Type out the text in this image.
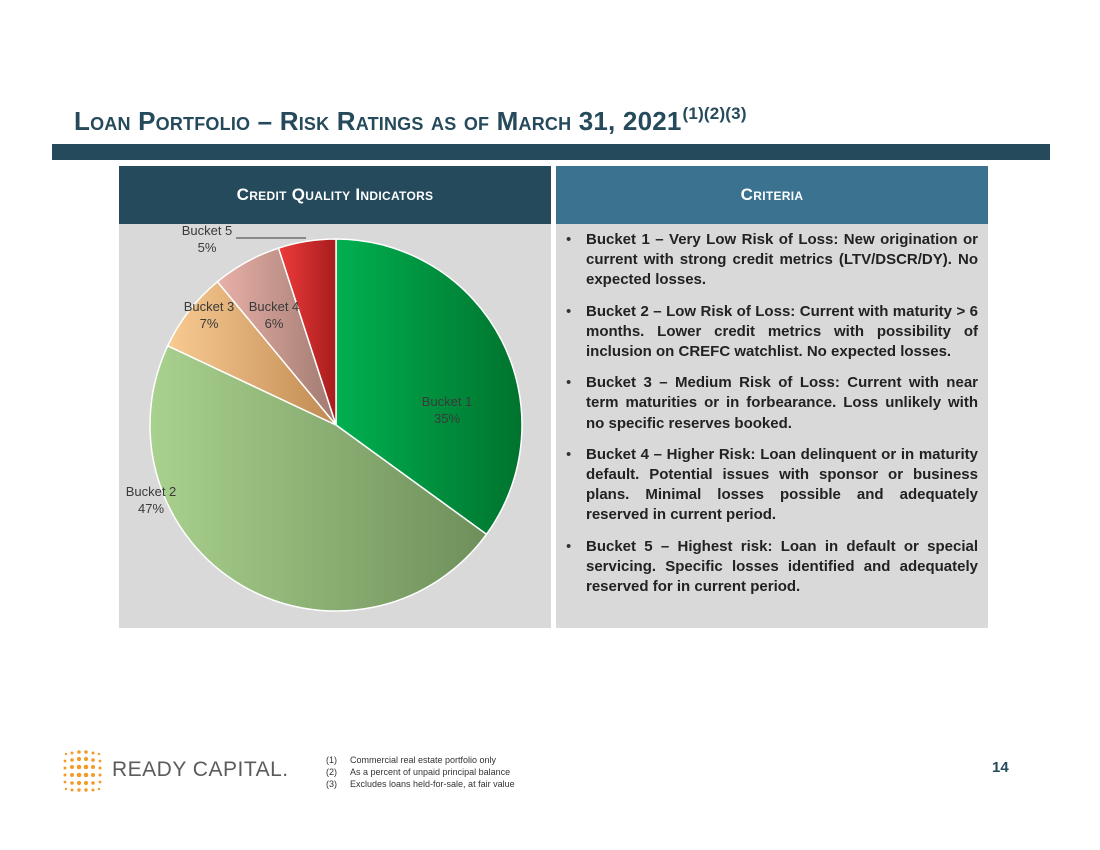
Loan Portfolio – Risk Ratings as of March 31, $2021^{(1)(2)(3)}$
Credit Quality Indicators
Bucket 1
35%
Bucket 2
47%
Bucket 3
7%
Bucket 4
6%
Bucket 5
5%
Criteria
• Bucket 1 – Very Low Risk of Loss: New origination or current with strong credit metrics (LTV/DSCR/DY). No expected losses.
• Bucket 2 – Low Risk of Loss: Current with maturity > 6 months. Lower credit metrics with possibility of inclusion on CREFC watchlist. No expected losses.
• Bucket 3 – Medium Risk of Loss: Current with near term maturities or in forbearance. Loss unlikely with no specific reserves booked.
• Bucket 4 – Higher Risk: Loan delinquent or in maturity default. Potential issues with sponsor or business plans. Minimal losses possible and adequately reserved in current period.
• Bucket 5 – Highest risk: Loan in default or special servicing. Specific losses identified and adequately reserved for in current period.
READY CAPITAL.	(1)	Commercial real estate portfolio only
(2)	As a percent of unpaid principal balance
(3)	Excludes loans held-for-sale, at fair value
14
